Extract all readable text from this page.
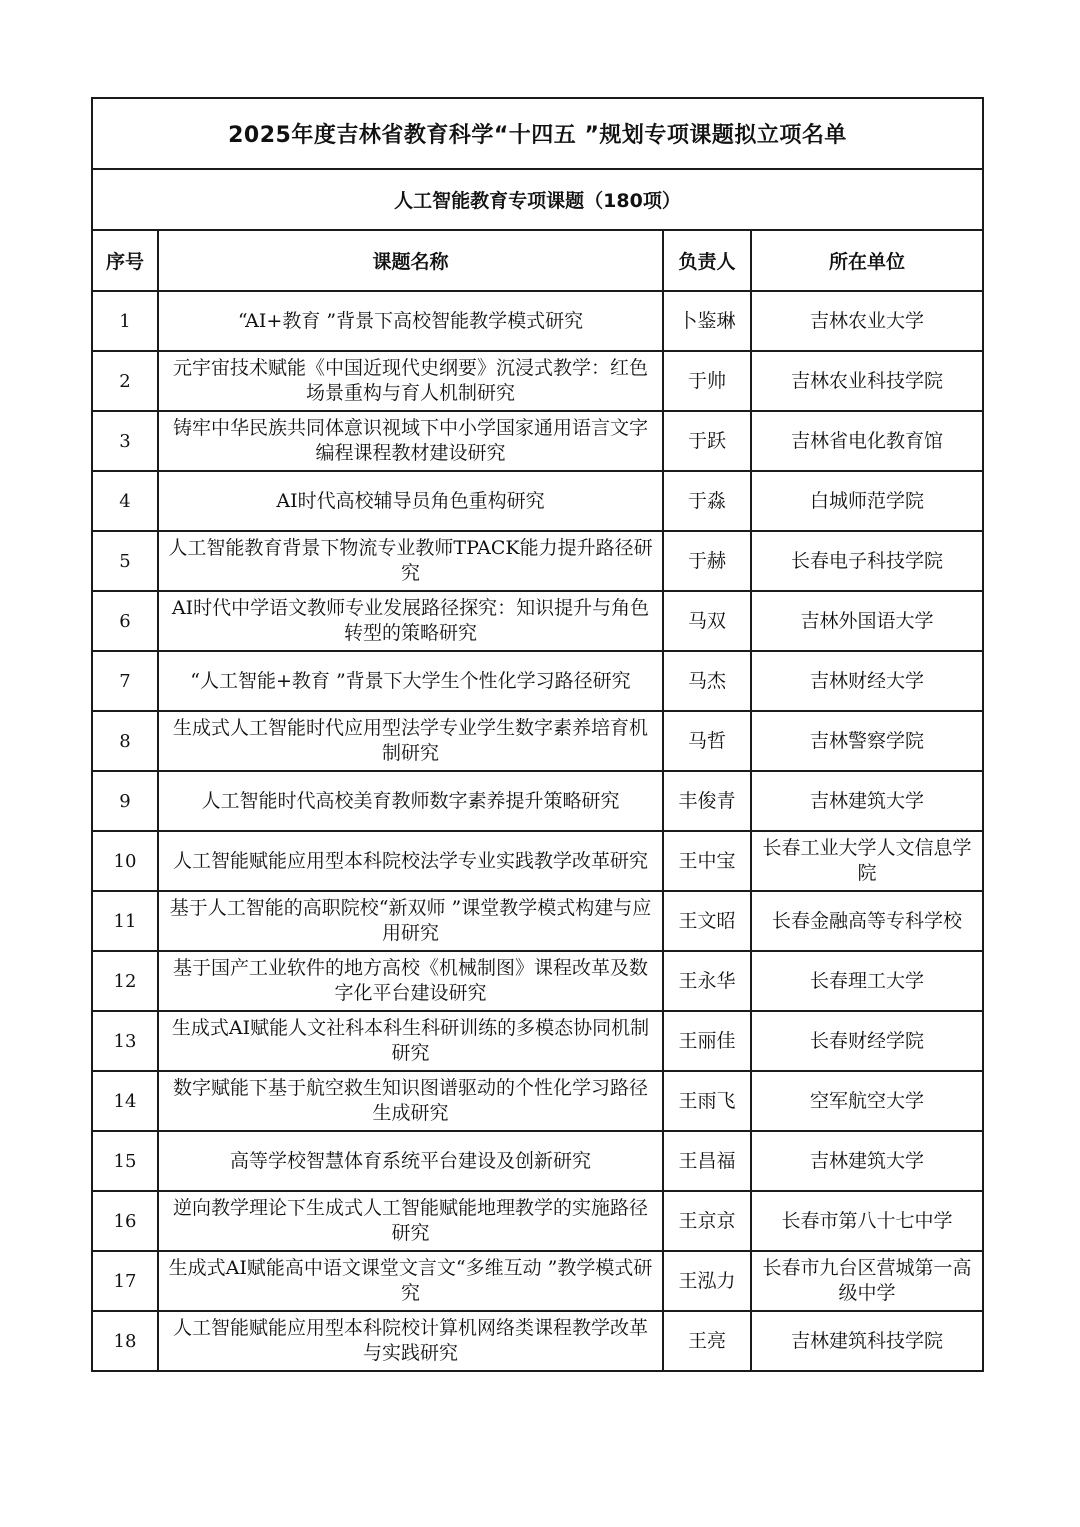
2025年度吉林省教育科学“十四五 ”规划专项课题拟立项名单			
人工智能教育专项课题（180项）			
序号	课题名称	负责人	所在单位
1	“AI+教育 ”背景下高校智能教学模式研究	卜鉴琳	吉林农业大学
2	元宇宙技术赋能《中国近现代史纲要》沉浸式教学：红色场景重构与育人机制研究	于帅	吉林农业科技学院
3	铸牢中华民族共同体意识视域下中小学国家通用语言文字编程课程教材建设研究	于跃	吉林省电化教育馆
4	AI时代高校辅导员角色重构研究	于淼	白城师范学院
5	人工智能教育背景下物流专业教师TPACK能力提升路径研究	于赫	长春电子科技学院
6	AI时代中学语文教师专业发展路径探究：知识提升与角色转型的策略研究	马双	吉林外国语大学
7	“人工智能+教育 ”背景下大学生个性化学习路径研究	马杰	吉林财经大学
8	生成式人工智能时代应用型法学专业学生数字素养培育机制研究	马哲	吉林警察学院
9	人工智能时代高校美育教师数字素养提升策略研究	丰俊青	吉林建筑大学
10	人工智能赋能应用型本科院校法学专业实践教学改革研究	王中宝	长春工业大学人文信息学院
11	基于人工智能的高职院校“新双师 ”课堂教学模式构建与应用研究	王文昭	长春金融高等专科学校
12	基于国产工业软件的地方高校《机械制图》课程改革及数字化平台建设研究	王永华	长春理工大学
13	生成式AI赋能人文社科本科生科研训练的多模态协同机制研究	王丽佳	长春财经学院
14	数字赋能下基于航空救生知识图谱驱动的个性化学习路径生成研究	王雨飞	空军航空大学
15	高等学校智慧体育系统平台建设及创新研究	王昌福	吉林建筑大学
16	逆向教学理论下生成式人工智能赋能地理教学的实施路径研究	王京京	长春市第八十七中学
17	生成式AI赋能高中语文课堂文言文“多维互动 ”教学模式研究	王泓力	长春市九台区营城第一高级中学
18	人工智能赋能应用型本科院校计算机网络类课程教学改革与实践研究	王亮	吉林建筑科技学院
